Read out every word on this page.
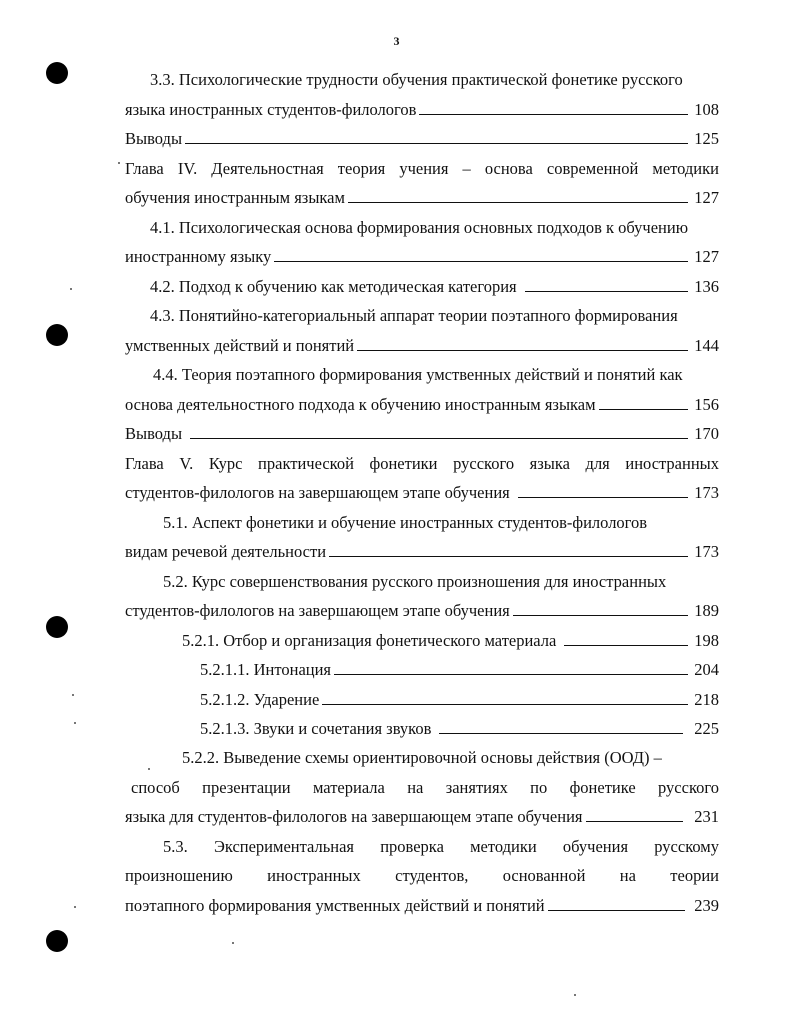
3
3.3. Психологические трудности обучения практической фонетике русского
языка иностранных студентов-филологов	108
Выводы	125
Глава IV. Деятельностная теория учения – основа современной методики
обучения иностранным языкам	127
4.1. Психологическая основа формирования основных подходов к обучению
иностранному языку	127
4.2. Подход к обучению как методическая категория	136
4.3. Понятийно-категориальный аппарат теории поэтапного формирования
умственных действий и понятий	144
4.4. Теория поэтапного формирования умственных действий и понятий как
основа деятельностного подхода к обучению иностранным языкам	156
Выводы	170
Глава V. Курс практической фонетики русского языка для иностранных
студентов-филологов на завершающем этапе обучения	173
5.1. Аспект фонетики и обучение иностранных студентов-филологов
видам речевой деятельности	173
5.2. Курс совершенствования русского произношения для иностранных
студентов-филологов на завершающем этапе обучения	189
5.2.1. Отбор и организация фонетического материала	198
5.2.1.1. Интонация	204
5.2.1.2. Ударение	218
5.2.1.3. Звуки и сочетания звуков	225
5.2.2. Выведение схемы ориентировочной основы действия (ООД) –
способ презентации материала на занятиях по фонетике русского
языка для студентов-филологов на завершающем этапе обучения	231
5.3. Экспериментальная проверка методики обучения русскому
произношению иностранных студентов, основанной на теории
поэтапного формирования умственных действий и понятий	239
